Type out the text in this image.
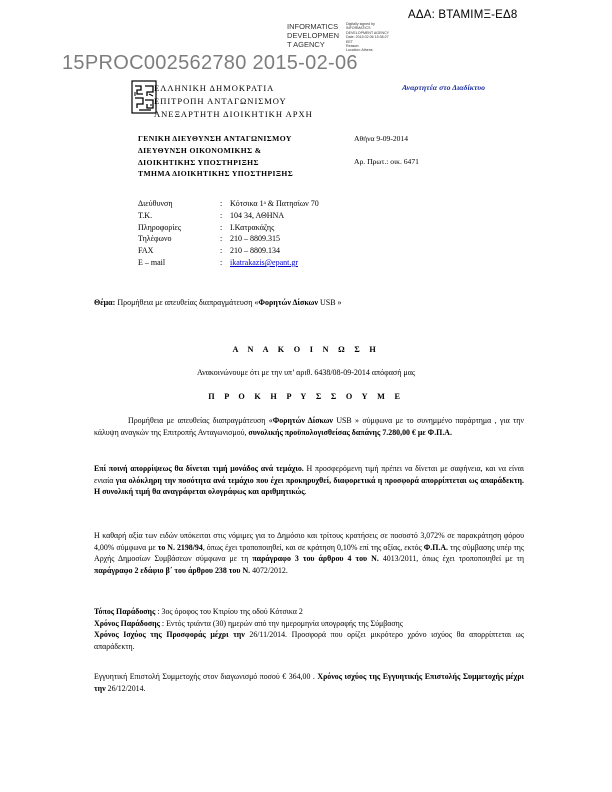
ΑΔΑ: ΒΤΑΜΙΜΞ-ΕΔ8
INFORMATICS
DEVELOPMEN
T AGENCY
Digitally signed by
INFORMATICS
DEVELOPMENT AGENCY
Date: 2015.02.06 15:36:27
EET
Reason:
Location: Athens
15PROC002562780 2015-02-06
ΕΛΛΗΝΙΚΗ ΔΗΜΟΚΡΑΤΙΑ
ΕΠΙΤΡΟΠΗ ΑΝΤΑΓΩΝΙΣΜΟΥ
ΑΝΕΞΑΡΤΗΤΗ ΔΙΟΙΚΗΤΙΚΗ ΑΡΧΗ
Αναρτητέα στο Διαδίκτυο
ΓΕΝΙΚΗ ΔΙΕΥΘΥΝΣΗ ΑΝΤΑΓΩΝΙΣΜΟΥ
ΔΙΕΥΘΥΝΣΗ ΟΙΚΟΝΟΜΙΚΗΣ &
ΔΙΟΙΚΗΤΙΚΗΣ ΥΠΟΣΤΗΡΙΞΗΣ
ΤΜΗΜΑ ΔΙΟΙΚΗΤΙΚΗΣ ΥΠΟΣΤΗΡΙΞΗΣ
Αθήνα 9-09-2014
Αρ. Πρωτ.: οικ. 6471
Διεύθυνση	: Κότσικα 1ᵃ & Πατησίων 70
T.K.	: 104 34, ΑΘΗΝΑ
Πληροφορίες	: Ι.Κατρακάζης
Τηλέφωνο	: 210 – 8809.315
FAX	: 210 – 8809.134
E – mail	: ikatrakazis@epant.gr
Θέμα: Προμήθεια με απευθείας διαπραγμάτευση «Φορητών Δίσκων USB »
Α Ν Α Κ Ο Ι Ν Ω Σ Η
Ανακοινώνουμε ότι με την υπ’ αριθ. 6438/08-09-2014 απόφασή μας
Π Ρ Ο Κ Η Ρ Υ Σ Σ Ο Υ Μ Ε
Προμήθεια με απευθείας διαπραγμάτευση «Φορητών Δίσκων USB » σύμφωνα με το συνημμένο παράρτημα , για την κάλυψη αναγκών της Επιτροπής Ανταγωνισμού, συνολικής προϋπολογισθείσας δαπάνης 7.280,00 € με Φ.Π.Α.
Επί ποινή απορρίψεως θα δίνεται τιμή μονάδος ανά τεμάχιο. Η προσφερόμενη τιμή πρέπει να δίνεται με σαφήνεια, και να είναι ενιαία για ολόκληρη την ποσότητα ανά τεμάχιο που έχει προκηρυχθεί, διαφορετικά η προσφορά απορρίπτεται ως απαράδεκτη. Η συνολική τιμή θα αναγράφεται ολογράφως και αριθμητικώς.
Η καθαρή αξία των ειδών υπόκειται στις νόμιμες για το Δημόσιο και τρίτους κρατήσεις σε ποσοστό 3,072% σε παρακράτηση φόρου 4,00% σύμφωνα με το Ν. 2198/94, όπως έχει τροποποιηθεί, και σε κράτηση 0,10% επί της αξίας, εκτός Φ.Π.Α. της σύμβασης υπέρ της Αρχής Δημοσίων Συμβάσεων σύμφωνα με τη παράγραφο 3 του άρθρου 4 του Ν. 4013/2011, όπως έχει τροποποιηθεί με τη παράγραφο 2 εδάφιο β΄ του άρθρου 238 του Ν. 4072/2012.
Τόπος Παράδοσης : 3ος όροφος του Κτιρίου της οδού Κότσικα 2
Χρόνος Παράδοσης : Εντός τριάντα (30) ημερών από την ημερομηνία υπογραφής της Σύμβασης
Χρόνος Ισχύος της Προσφοράς μέχρι την 26/11/2014. Προσφορά που ορίζει μικρότερο χρόνο ισχύος θα απορρίπτεται ως απαράδεκτη.
Εγγυητική Επιστολή Συμμετοχής στον διαγωνισμό ποσού € 364,00 . Χρόνος ισχύος της Εγγυητικής Επιστολής Συμμετοχής μέχρι την 26/12/2014.
